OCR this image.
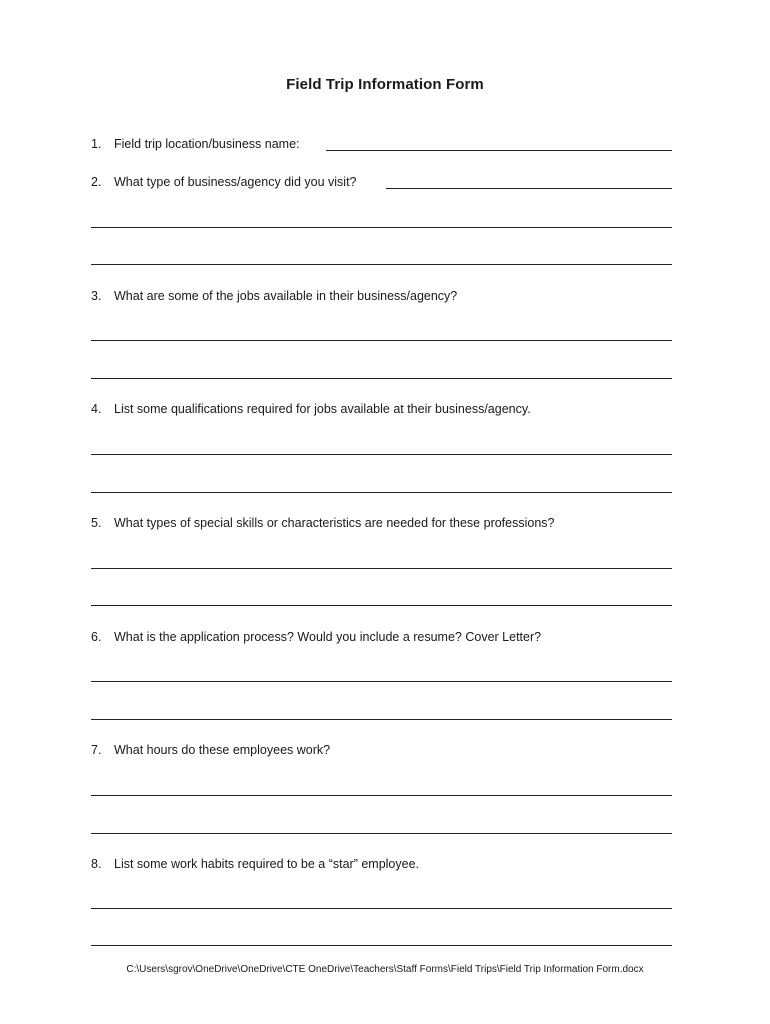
Field Trip Information Form
1. Field trip location/business name:
2. What type of business/agency did you visit?
3. What are some of the jobs available in their business/agency?
4. List some qualifications required for jobs available at their business/agency.
5. What types of special skills or characteristics are needed for these professions?
6. What is the application process? Would you include a resume? Cover Letter?
7. What hours do these employees work?
8. List some work habits required to be a “star” employee.
C:\Users\sgrov\OneDrive\OneDrive\CTE OneDrive\Teachers\Staff Forms\Field Trips\Field Trip Information Form.docx
